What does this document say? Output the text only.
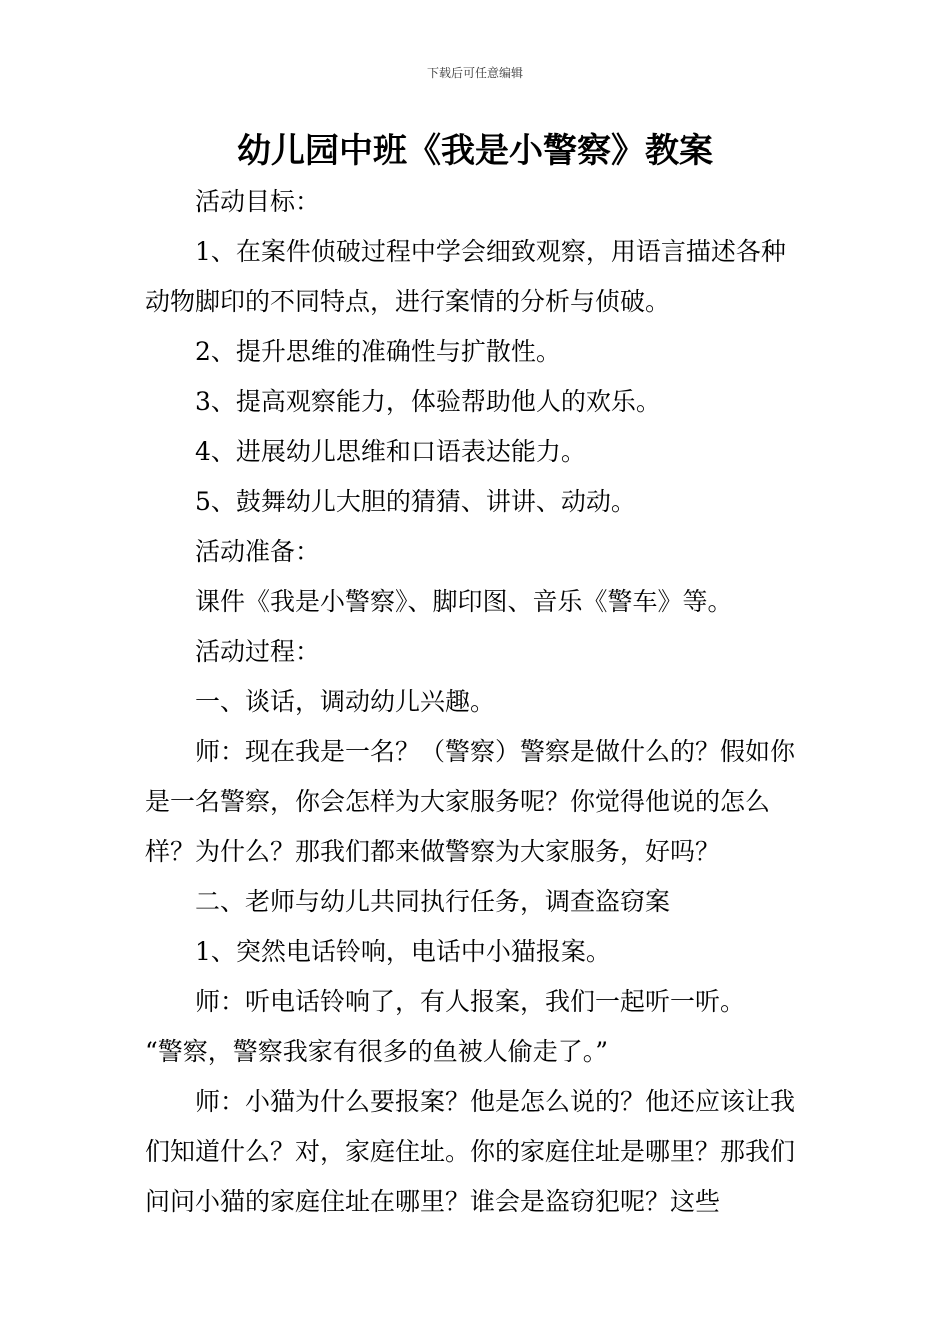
下载后可任意编辑
幼儿园中班《我是小警察》教案

活动目标：

1、在案件侦破过程中学会细致观察，用语言描述各种动物脚印的不同特点，进行案情的分析与侦破。

2、提升思维的准确性与扩散性。

3、提高观察能力，体验帮助他人的欢乐。

4、进展幼儿思维和口语表达能力。

5、鼓舞幼儿大胆的猜猜、讲讲、动动。

活动准备：

课件《我是小警察》、脚印图、音乐《警车》等。

活动过程：

一、谈话，调动幼儿兴趣。

师：现在我是一名？（警察）警察是做什么的？假如你是一名警察，你会怎样为大家服务呢？你觉得他说的怎么样？为什么？那我们都来做警察为大家服务，好吗？

二、老师与幼儿共同执行任务，调查盗窃案

1、突然电话铃响，电话中小猫报案。

师：听电话铃响了，有人报案，我们一起听一听。

“警察，警察我家有很多的鱼被人偷走了。”

师：小猫为什么要报案？他是怎么说的？他还应该让我们知道什么？对，家庭住址。你的家庭住址是哪里？那我们问问小猫的家庭住址在哪里？谁会是盗窃犯呢？这些
